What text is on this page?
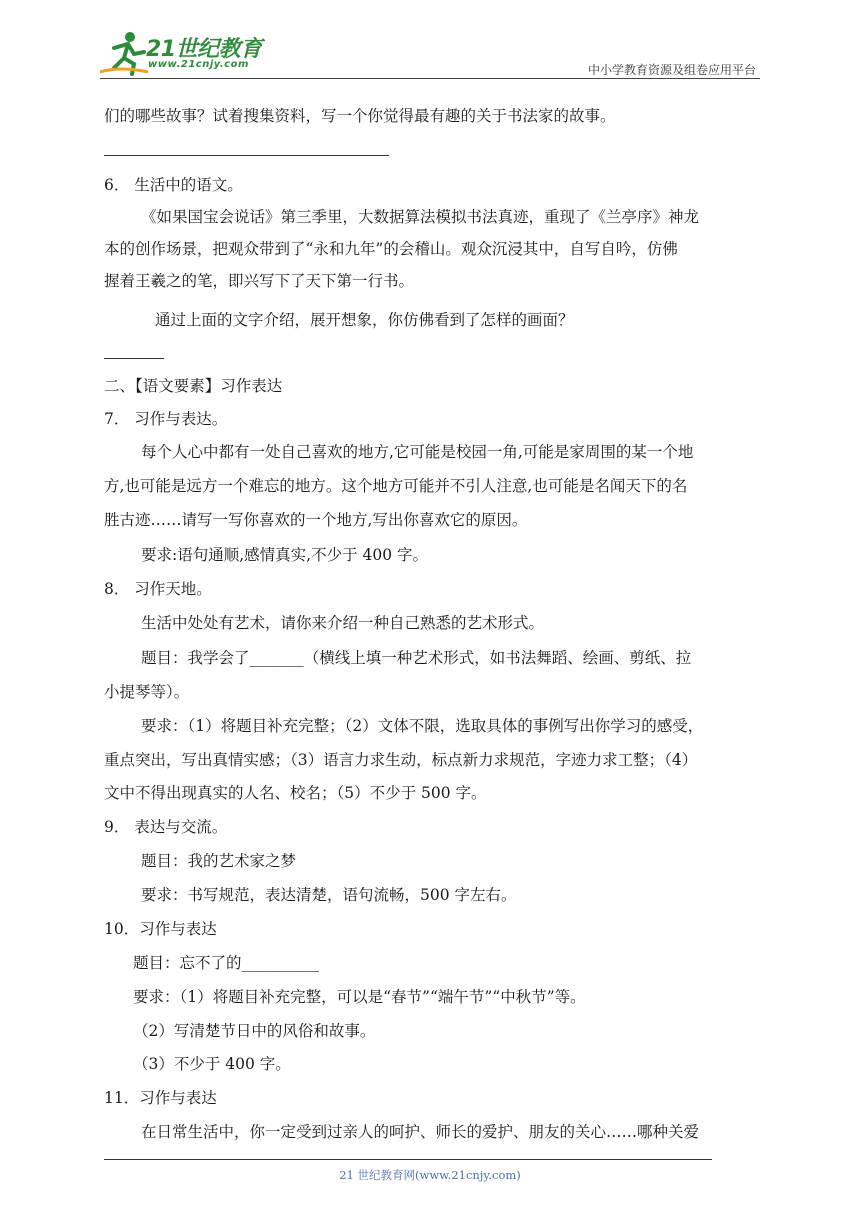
21世纪教育
www.21cnjy.com	中小学教育资源及组卷应用平台
们的哪些故事？试着搜集资料，写一个你觉得最有趣的关于书法家的故事。
6． 生活中的语文。
《如果国宝会说话》第三季里，大数据算法模拟书法真迹，重现了《兰亭序》神龙
本的创作场景，把观众带到了“永和九年”的会稽山。观众沉浸其中，自写自吟，仿佛
握着王羲之的笔，即兴写下了天下第一行书。
通过上面的文字介绍，展开想象，你仿佛看到了怎样的画面？
二、【语文要素】习作表达
7． 习作与表达。
每个人心中都有一处自己喜欢的地方,它可能是校园一角,可能是家周围的某一个地
方,也可能是远方一个难忘的地方。这个地方可能并不引人注意,也可能是名闻天下的名
胜古迹……请写一写你喜欢的一个地方,写出你喜欢它的原因。
要求:语句通顺,感情真实,不少于 400 字。
8． 习作天地。
生活中处处有艺术，请你来介绍一种自己熟悉的艺术形式。
题目：我学会了_______（横线上填一种艺术形式，如书法舞蹈、绘画、剪纸、拉
小提琴等）。
要求：（1）将题目补充完整；（2）文体不限，选取具体的事例写出你学习的感受，
重点突出，写出真情实感；（3）语言力求生动，标点新力求规范，字迹力求工整；（4）
文中不得出现真实的人名、校名；（5）不少于 500 字。
9． 表达与交流。
题目：我的艺术家之梦
要求：书写规范，表达清楚，语句流畅，500 字左右。
10．习作与表达
题目：忘不了的__________
要求：（1）将题目补充完整，可以是“春节”“端午节”“中秋节”等。
（2）写清楚节日中的风俗和故事。
（3）不少于 400 字。
11．习作与表达
在日常生活中，你一定受到过亲人的呵护、师长的爱护、朋友的关心……哪种关爱
21 世纪教育网(www.21cnjy.com)
